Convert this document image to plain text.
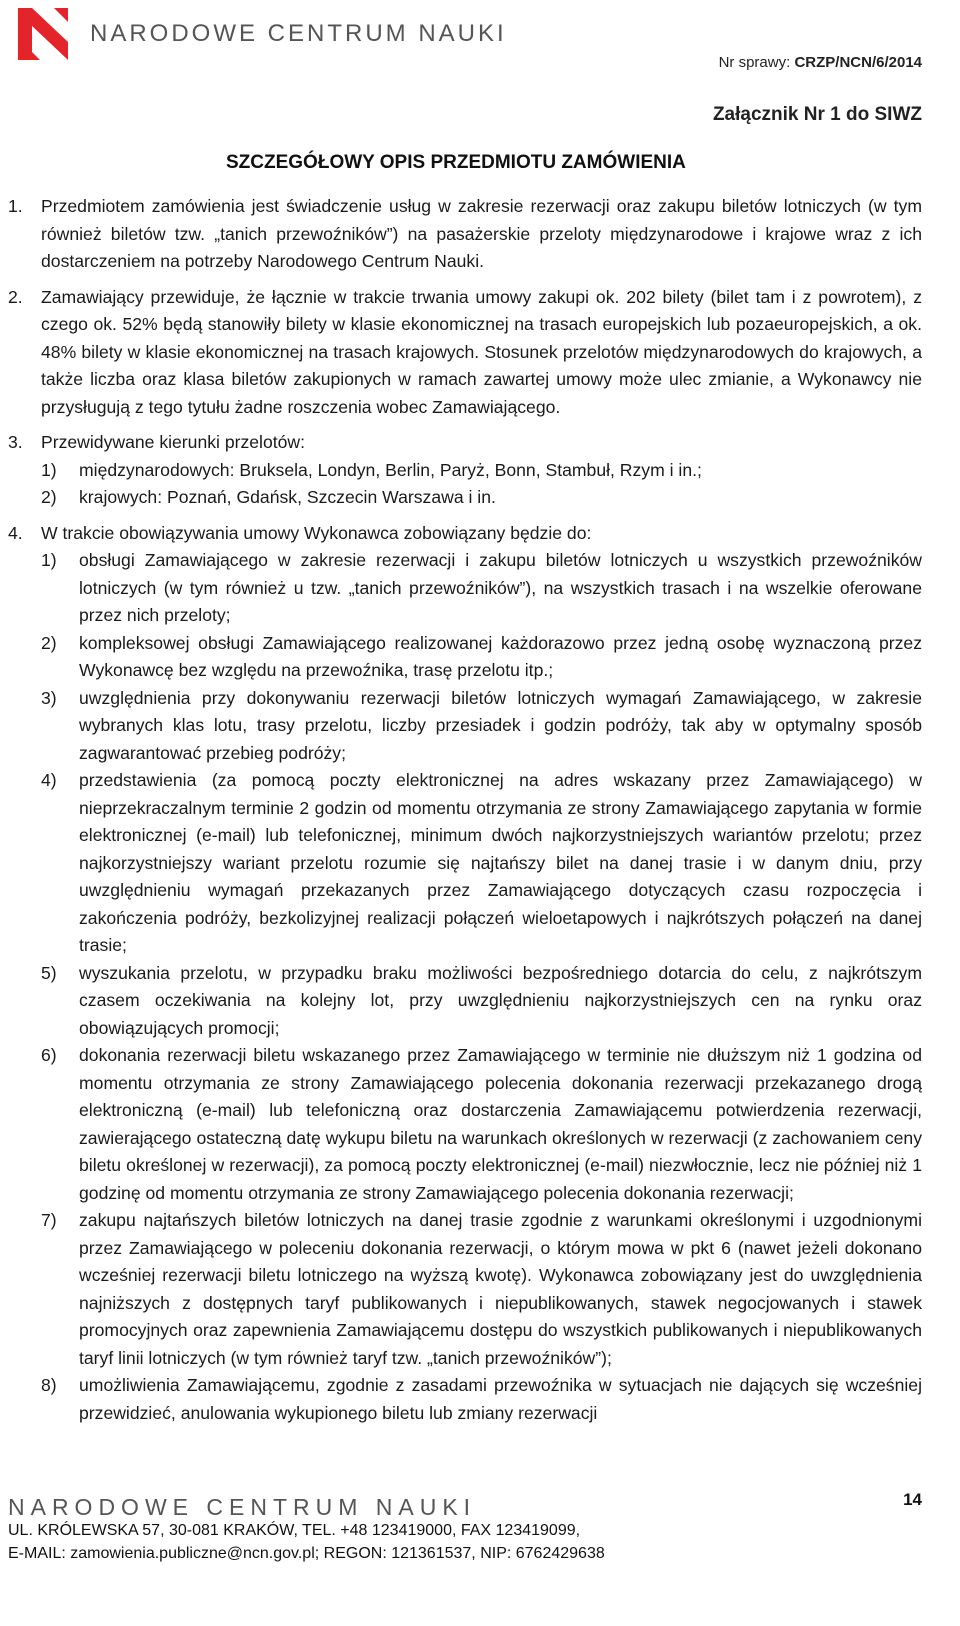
NARODOWE CENTRUM NAUKI
Nr sprawy: CRZP/NCN/6/2014
Załącznik Nr 1 do SIWZ
SZCZEGÓŁOWY OPIS PRZEDMIOTU ZAMÓWIENIA
1. Przedmiotem zamówienia jest świadczenie usług w zakresie rezerwacji oraz zakupu biletów lotniczych (w tym również biletów tzw. „tanich przewoźników”) na pasażerskie przeloty międzynarodowe i krajowe wraz z ich dostarczeniem na potrzeby Narodowego Centrum Nauki.

2. Zamawiający przewiduje, że łącznie w trakcie trwania umowy zakupi ok. 202 bilety (bilet tam i z powrotem), z czego ok. 52% będą stanowiły bilety w klasie ekonomicznej na trasach europejskich lub pozaeuropejskich, a ok. 48% bilety w klasie ekonomicznej na trasach krajowych. Stosunek przelotów międzynarodowych do krajowych, a także liczba oraz klasa biletów zakupionych w ramach zawartej umowy może ulec zmianie, a Wykonawcy nie przysługują z tego tytułu żadne roszczenia wobec Zamawiającego.

3. Przewidywane kierunki przelotów:

1) międzynarodowych: Bruksela, Londyn, Berlin, Paryż, Bonn, Stambuł, Rzym i in.;
2) krajowych: Poznań, Gdańsk, Szczecin Warszawa i in.
4. W trakcie obowiązywania umowy Wykonawca zobowiązany będzie do:

1) obsługi Zamawiającego w zakresie rezerwacji i zakupu biletów lotniczych u wszystkich przewoźników lotniczych (w tym również u tzw. „tanich przewoźników”), na wszystkich trasach i na wszelkie oferowane przez nich przeloty;
2) kompleksowej obsługi Zamawiającego realizowanej każdorazowo przez jedną osobę wyznaczoną przez Wykonawcę bez względu na przewoźnika, trasę przelotu itp.;
3) uwzględnienia przy dokonywaniu rezerwacji biletów lotniczych wymagań Zamawiającego, w zakresie wybranych klas lotu, trasy przelotu, liczby przesiadek i godzin podróży, tak aby w optymalny sposób zagwarantować przebieg podróży;
4) przedstawienia (za pomocą poczty elektronicznej na adres wskazany przez Zamawiającego) w nieprzekraczalnym terminie 2 godzin od momentu otrzymania ze strony Zamawiającego zapytania w formie elektronicznej (e-mail) lub telefonicznej, minimum dwóch najkorzystniejszych wariantów przelotu; przez najkorzystniejszy wariant przelotu rozumie się najtańszy bilet na danej trasie i w danym dniu, przy uwzględnieniu wymagań przekazanych przez Zamawiającego dotyczących czasu rozpoczęcia i zakończenia podróży, bezkolizyjnej realizacji połączeń wieloetapowych i najkrótszych połączeń na danej trasie;
5) wyszukania przelotu, w przypadku braku możliwości bezpośredniego dotarcia do celu, z najkrótszym czasem oczekiwania na kolejny lot, przy uwzględnieniu najkorzystniejszych cen na rynku oraz obowiązujących promocji;
6) dokonania rezerwacji biletu wskazanego przez Zamawiającego w terminie nie dłuższym niż 1 godzina od momentu otrzymania ze strony Zamawiającego polecenia dokonania rezerwacji przekazanego drogą elektroniczną (e-mail) lub telefoniczną oraz dostarczenia Zamawiającemu potwierdzenia rezerwacji, zawierającego ostateczną datę wykupu biletu na warunkach określonych w rezerwacji (z zachowaniem ceny biletu określonej w rezerwacji), za pomocą poczty elektronicznej (e-mail) niezwłocznie, lecz nie później niż 1 godzinę od momentu otrzymania ze strony Zamawiającego polecenia dokonania rezerwacji;
7) zakupu najtańszych biletów lotniczych na danej trasie zgodnie z warunkami określonymi i uzgodnionymi przez Zamawiającego w poleceniu dokonania rezerwacji, o którym mowa w pkt 6 (nawet jeżeli dokonano wcześniej rezerwacji biletu lotniczego na wyższą kwotę). Wykonawca zobowiązany jest do uwzględnienia najniższych z dostępnych taryf publikowanych i niepublikowanych, stawek negocjowanych i stawek promocyjnych oraz zapewnienia Zamawiającemu dostępu do wszystkich publikowanych i niepublikowanych taryf linii lotniczych (w tym również taryf tzw. „tanich przewoźników”);
8) umożliwienia Zamawiającemu, zgodnie z zasadami przewoźnika w sytuacjach nie dających się wcześniej przewidzieć, anulowania wykupionego biletu lub zmiany rezerwacji
NARODOWE CENTRUM NAUKI	14
UL. KRÓLEWSKA 57, 30-081 KRAKÓW, TEL. +48 123419000, FAX 123419099,
E-MAIL: zamowienia.publiczne@ncn.gov.pl; REGON: 121361537, NIP: 6762429638
